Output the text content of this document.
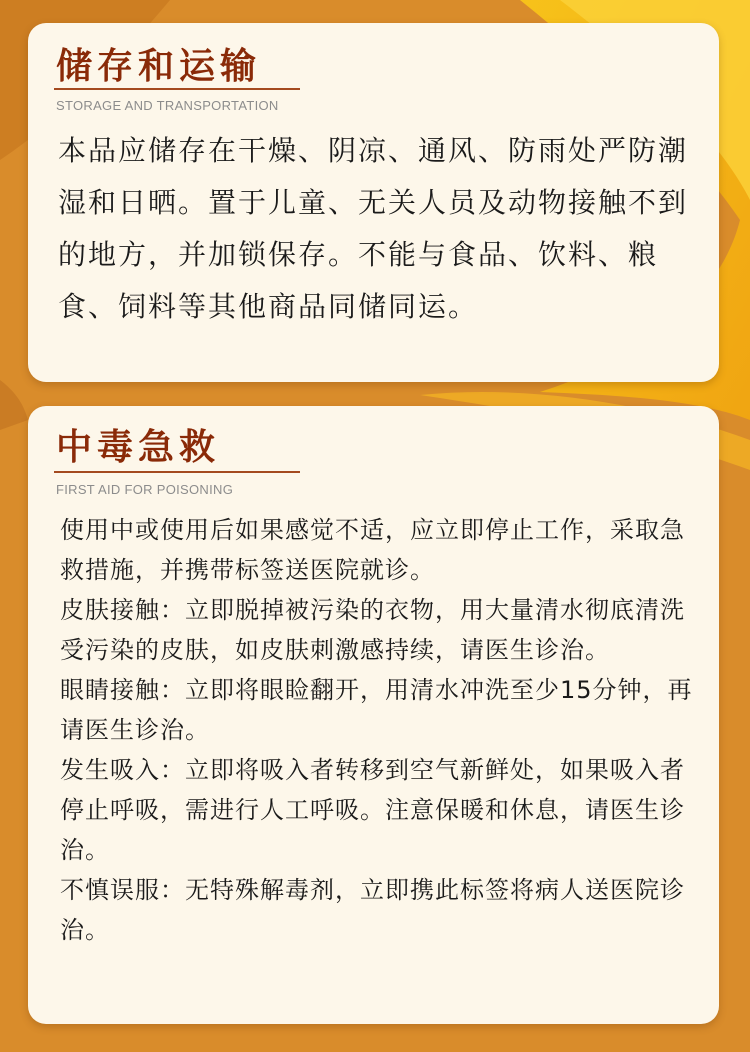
储存和运输
STORAGE AND TRANSPORTATION

本品应储存在干燥、阴凉、通风、防雨处严防潮湿和日晒。置于儿童、无关人员及动物接触不到的地方，并加锁保存。不能与食品、饮料、粮食、饲料等其他商品同储同运。

中毒急救
FIRST AID FOR POISONING

使用中或使用后如果感觉不适，应立即停止工作，采取急救措施，并携带标签送医院就诊。

皮肤接触：立即脱掉被污染的衣物，用大量清水彻底清洗受污染的皮肤，如皮肤刺激感持续，请医生诊治。

眼睛接触：立即将眼睑翻开，用清水冲洗至少15分钟，再请医生诊治。

发生吸入：立即将吸入者转移到空气新鲜处，如果吸入者停止呼吸，需进行人工呼吸。注意保暖和休息，请医生诊治。

不慎误服：无特殊解毒剂，立即携此标签将病人送医院诊治。
